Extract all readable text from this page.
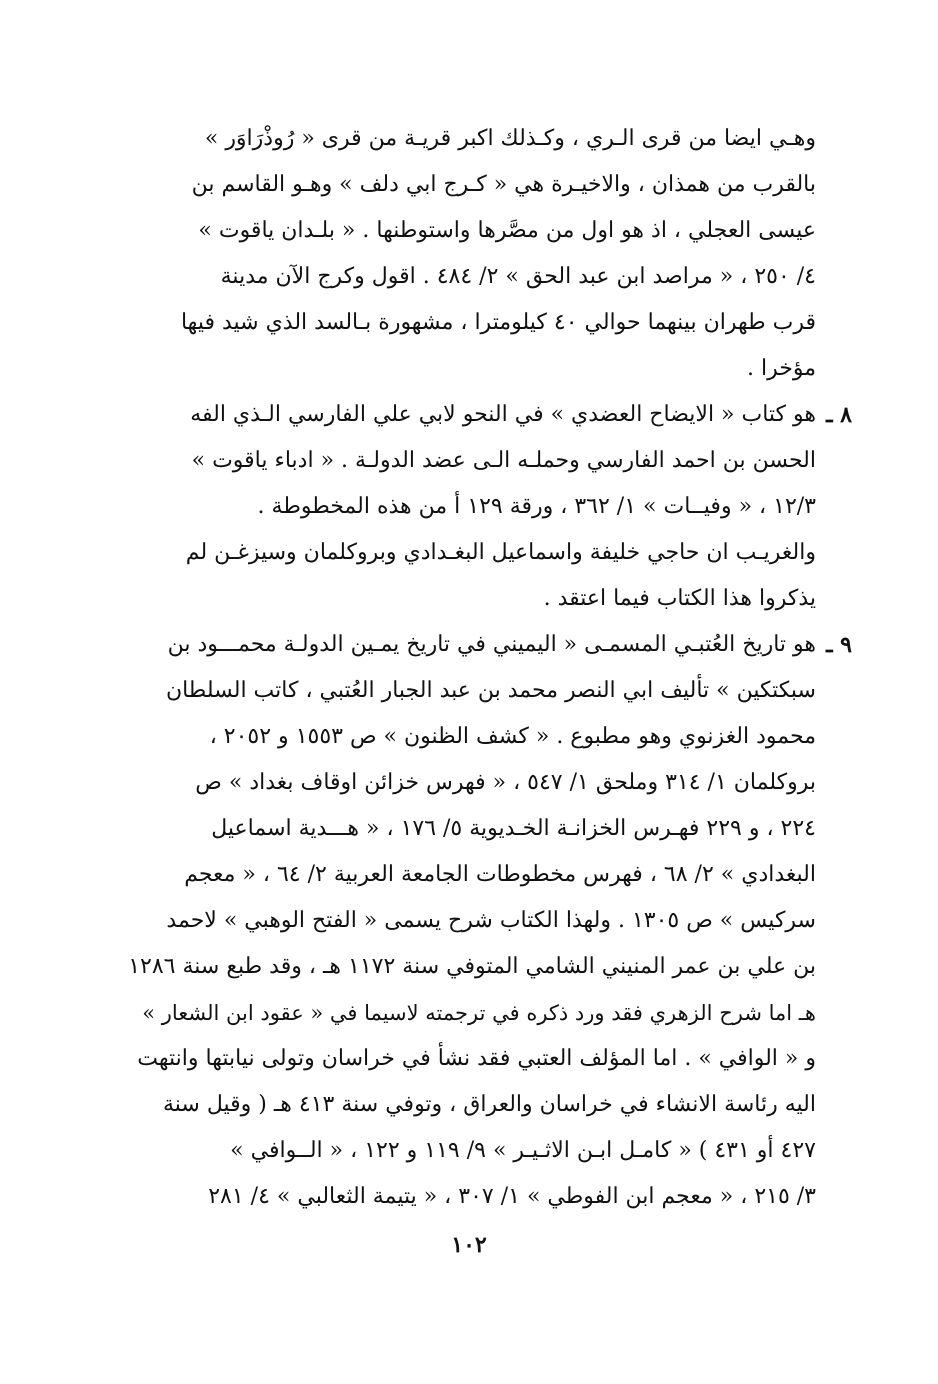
وهـي ايضا من قرى الـري ، وكـذلك اكبر قريـة من قرى « رُوذْرَاوَر »
بالقرب من همذان ، والاخيـرة هي « كـرج ابي دلف » وهـو القاسم بن
عيسى العجلي ، اذ هو اول من مصَّرها واستوطنها . « بلـدان ياقوت »
٤/ ٢٥٠ ، « مراصد ابن عبد الحق » ٢/ ٤٨٤ . اقول وكرج الآن مدينة
قرب طهران بينهما حوالي ٤٠ كيلومترا ، مشهورة بـالسد الذي شيد فيها
مؤخرا .
٨ ـ
هو كتاب « الايضاح العضدي » في النحو لابي علي الفارسي الـذي الفه
الحسن بن احمد الفارسي وحملـه الـى عضد الدولـة . « ادباء ياقوت »
١٢/٣ ، « وفيــات » ١/ ٣٦٢ ، ورقة ١٢٩ أ من هذه المخطوطة .
والغريـب ان حاجي خليفة واسماعيل البغـدادي وبروكلمان وسيزغـن لم
يذكروا هذا الكتاب فيما اعتقد .
٩ ـ
هو تاريخ العُتبـي المسمـى « اليميني في تاريخ يمـين الدولـة محمـــود بن
سبكتكين » تأليف ابي النصر محمد بن عبد الجبار العُتبي ، كاتب السلطان
محمود الغزنوي وهو مطبوع . « كشف الظنون » ص ١٥٥٣ و ٢٠٥٢ ،
بروكلمان ١/ ٣١٤ وملحق ١/ ٥٤٧ ، « فهرس خزائن اوقاف بغداد » ص
٢٢٤ ، و ٢٢٩ فهـرس الخزانـة الخـديوية ٥/ ١٧٦ ، « هـــدية اسماعيل
البغدادي » ٢/ ٦٨ ، فهرس مخطوطات الجامعة العربية ٢/ ٦٤ ، « معجم
سركيس » ص ١٣٠٥ . ولهذا الكتاب شرح يسمى « الفتح الوهبي » لاحمد
بن علي بن عمر المنيني الشامي المتوفي سنة ١١٧٢ هـ ، وقد طبع سنة ١٢٨٦
هـ اما شرح الزهري فقد ورد ذكره في ترجمته لاسيما في « عقود ابن الشعار »
و « الوافي » . اما المؤلف العتبي فقد نشأ في خراسان وتولى نيابتها وانتهت
اليه رئاسة الانشاء في خراسان والعراق ، وتوفي سنة ٤١٣ هـ ( وقيل سنة
٤٢٧ أو ٤٣١ ) « كامـل ابـن الاثـيـر » ٩/ ١١٩ و ١٢٢ ، « الــوافي »
٣/ ٢١٥ ، « معجم ابن الفوطي » ١/ ٣٠٧ ، « يتيمة الثعالبي » ٤/ ٢٨١
١٠٢
